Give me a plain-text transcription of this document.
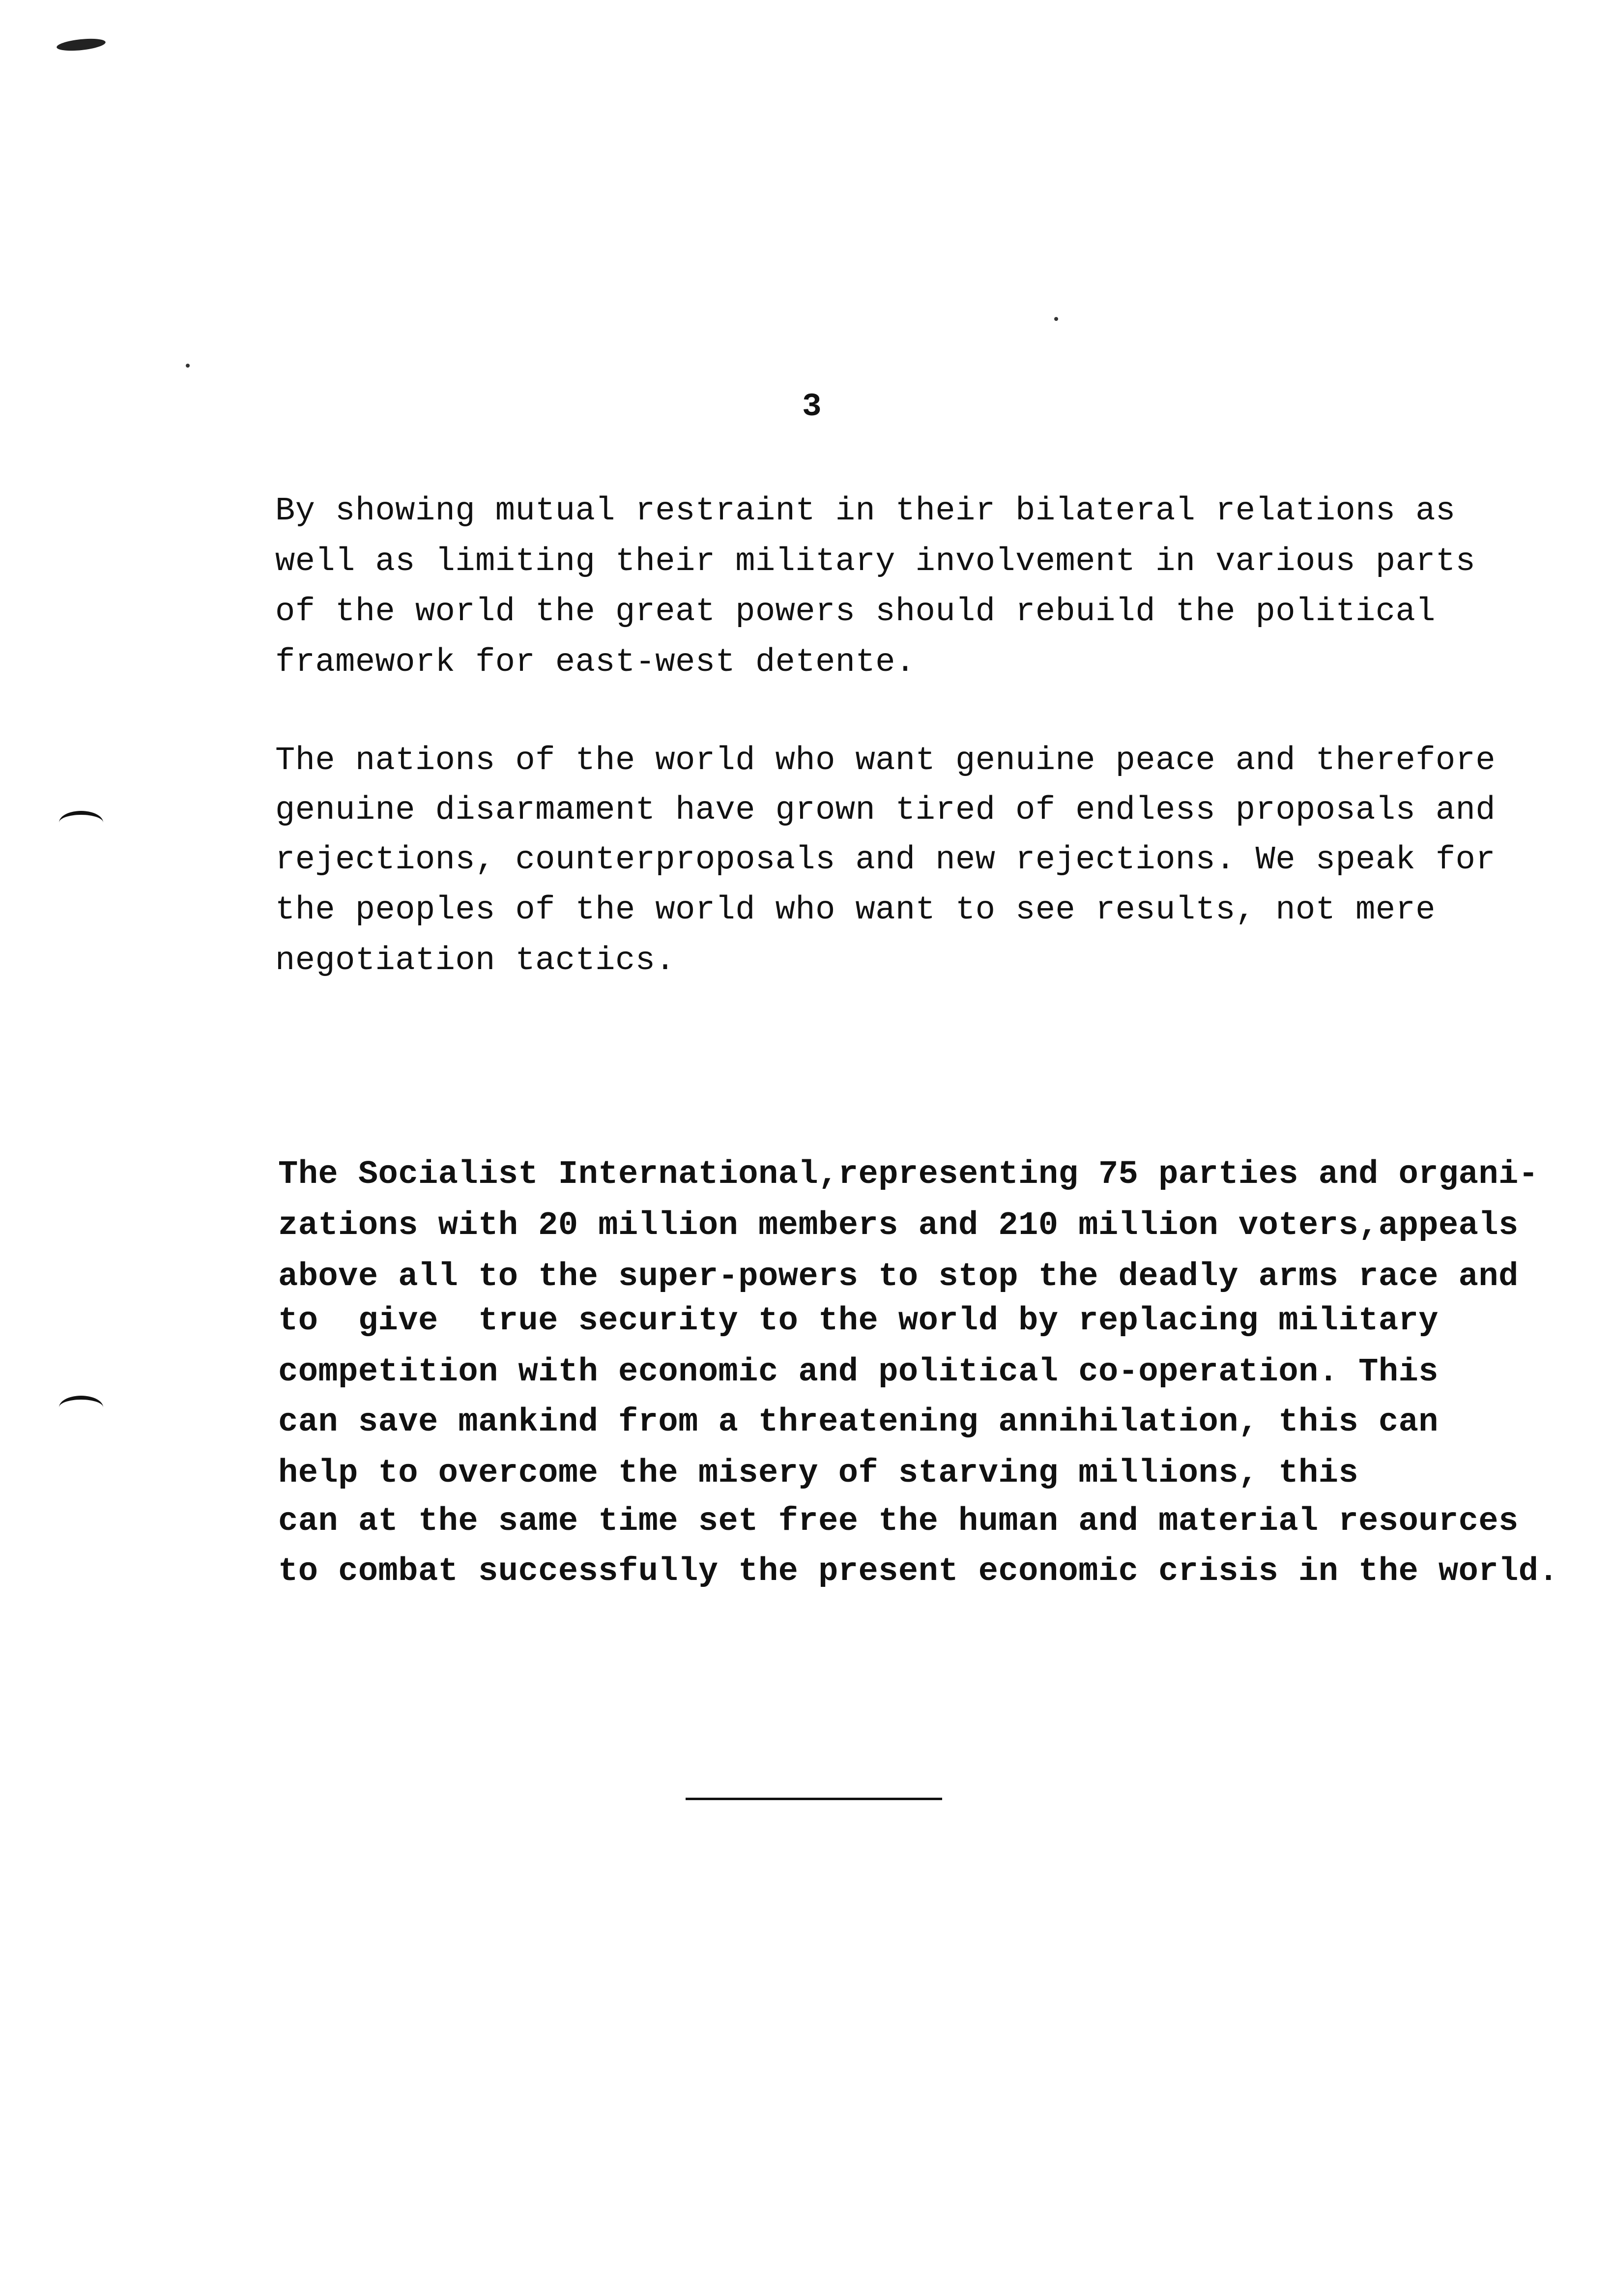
3
By showing mutual restraint in their bilateral relations as
well as limiting their military involvement in various parts
of the world the great powers should rebuild the political
framework for east-west detente.
The nations of the world who want genuine peace and therefore
genuine disarmament have grown tired of endless proposals and
rejections, counterproposals and new rejections. We speak for
the peoples of the world who want to see results, not mere
negotiation tactics.
The Socialist International,representing 75 parties and organi-
zations with 20 million members and 210 million voters,appeals
above all to the super-powers to stop the deadly arms race and
to  give  true security to the world by replacing military
competition with economic and political co-operation. This
can save mankind from a threatening annihilation, this can
help to overcome the misery of starving millions, this
can at the same time set free the human and material resources
to combat successfully the present economic crisis in the world.
